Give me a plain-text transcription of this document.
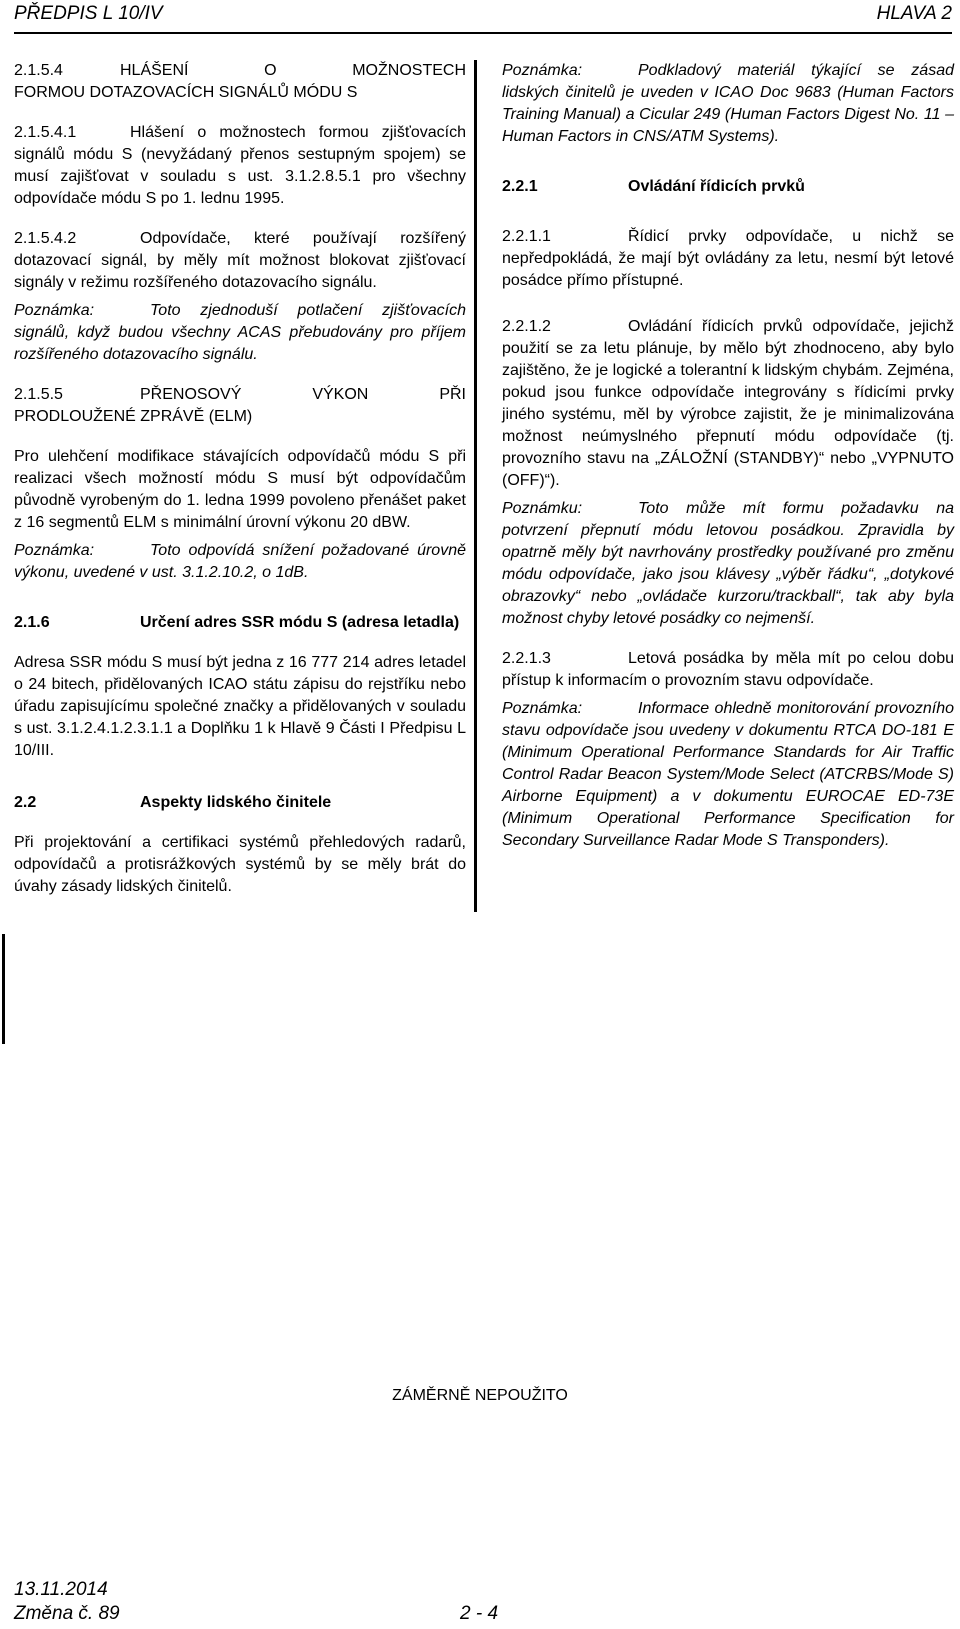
PŘEDPIS L 10/IV	HLAVA 2
2.1.5.4	HLÁŠENÍ O MOŽNOSTECH

FORMOU DOTAZOVACÍCH SIGNÁLŮ MÓDU S

2.1.5.4.1	Hlášení o možnostech formou zjišťovacích signálů módu S (nevyžádaný přenos sestupným spojem) se musí zajišťovat v souladu s ust. 3.1.2.8.5.1 pro všechny odpovídače módu S po 1. lednu 1995.

2.1.5.4.2	Odpovídače, které používají rozšířený dotazovací signál, by měly mít možnost blokovat zjišťovací signály v režimu rozšířeného dotazovacího signálu.

Poznámka:	Toto zjednoduší potlačení zjišťovacích signálů, když budou všechny ACAS přebudovány pro příjem rozšířeného dotazovacího signálu.

2.1.5.5	PŘENOSOVÝ VÝKON PŘI

PRODLOUŽENÉ ZPRÁVĚ (ELM)

Pro ulehčení modifikace stávajících odpovídačů módu S při realizaci všech možností módu S musí být odpovídačům původně vyrobeným do 1. ledna 1999 povoleno přenášet paket z 16 segmentů ELM s minimální úrovní výkonu 20 dBW.

Poznámka:	Toto odpovídá snížení požadované úrovně výkonu, uvedené v ust. 3.1.2.10.2, o 1dB.

2.1.6	Určení adres SSR módu S (adresa letadla)

Adresa SSR módu S musí být jedna z 16 777 214 adres letadel o 24 bitech, přidělovaných ICAO státu zápisu do rejstříku nebo úřadu zapisujícímu společné značky a přidělovaných v souladu s ust. 3.1.2.4.1.2.3.1.1 a Doplňku 1 k Hlavě 9 Části I Předpisu L 10/III.

2.2	Aspekty lidského činitele

Při projektování a certifikaci systémů přehledových radarů, odpovídačů a protisrážkových systémů by se měly brát do úvahy zásady lidských činitelů.

Poznámka:	Podkladový materiál týkající se zásad lidských činitelů je uveden v ICAO Doc 9683 (Human Factors Training Manual) a Cicular 249 (Human Factors Digest No. 11 – Human Factors in CNS/ATM Systems).

2.2.1	Ovládání řídicích prvků

2.2.1.1	Řídicí prvky odpovídače, u nichž se nepředpokládá, že mají být ovládány za letu, nesmí být letové posádce přímo přístupné.

2.2.1.2	Ovládání řídicích prvků odpovídače, jejichž použití se za letu plánuje, by mělo být zhodnoceno, aby bylo zajištěno, že je logické a tolerantní k lidským chybám. Zejména, pokud jsou funkce odpovídače integrovány s řídicími prvky jiného systému, měl by výrobce zajistit, že je minimalizována možnost neúmyslného přepnutí módu odpovídače (tj. provozního stavu na „ZÁLOŽNÍ (STANDBY)“ nebo „VYPNUTO (OFF)“).

Poznámku:	Toto může mít formu požadavku na potvrzení přepnutí módu letovou posádkou. Zpravidla by opatrně měly být navrhovány prostředky používané pro změnu módu odpovídače, jako jsou klávesy „výběr řádku“, „dotykové obrazovky“ nebo „ovládače kurzoru/trackball“, tak aby byla možnost chyby letové posádky co nejmenší.

2.2.1.3	Letová posádka by měla mít po celou dobu přístup k informacím o provozním stavu odpovídače.

Poznámka:	Informace ohledně monitorování provozního stavu odpovídače jsou uvedeny v dokumentu RTCA DO-181 E (Minimum Operational Performance Standards for Air Traffic Control Radar Beacon System/Mode Select (ATCRBS/Mode S) Airborne Equipment) a v dokumentu EUROCAE ED-73E (Minimum Operational Performance Specification for Secondary Surveillance Radar Mode S Transponders).

ZÁMĚRNĚ NEPOUŽITO
13.11.2014
Změna č. 89	2 - 4
